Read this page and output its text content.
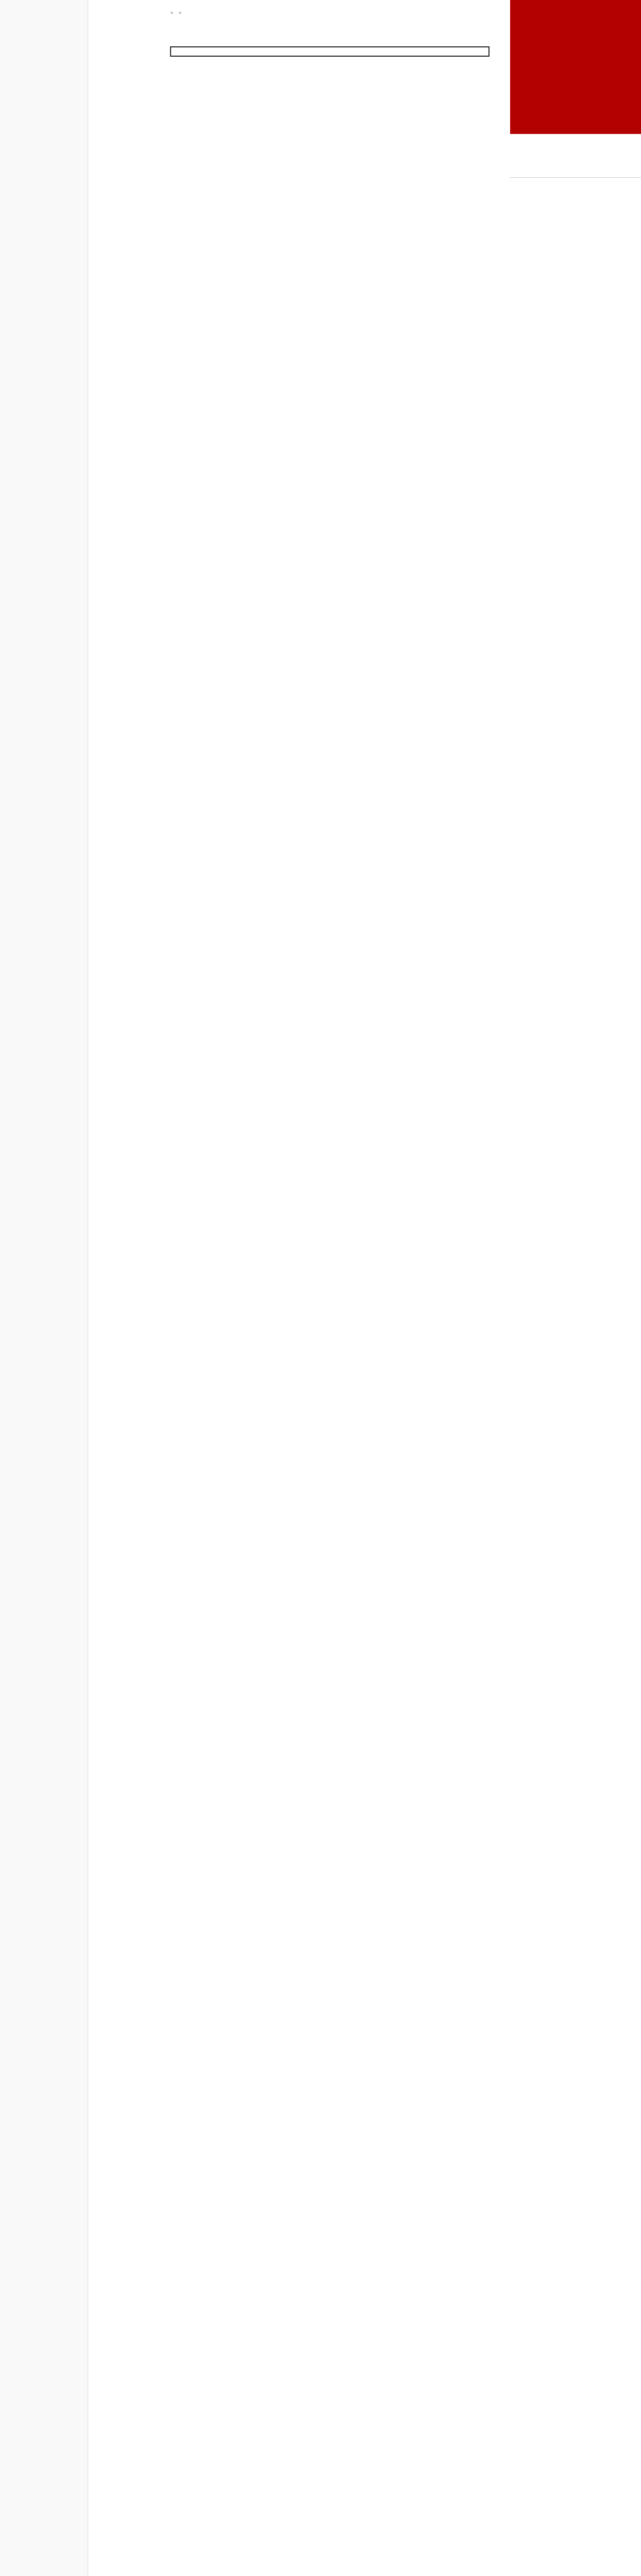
» »
